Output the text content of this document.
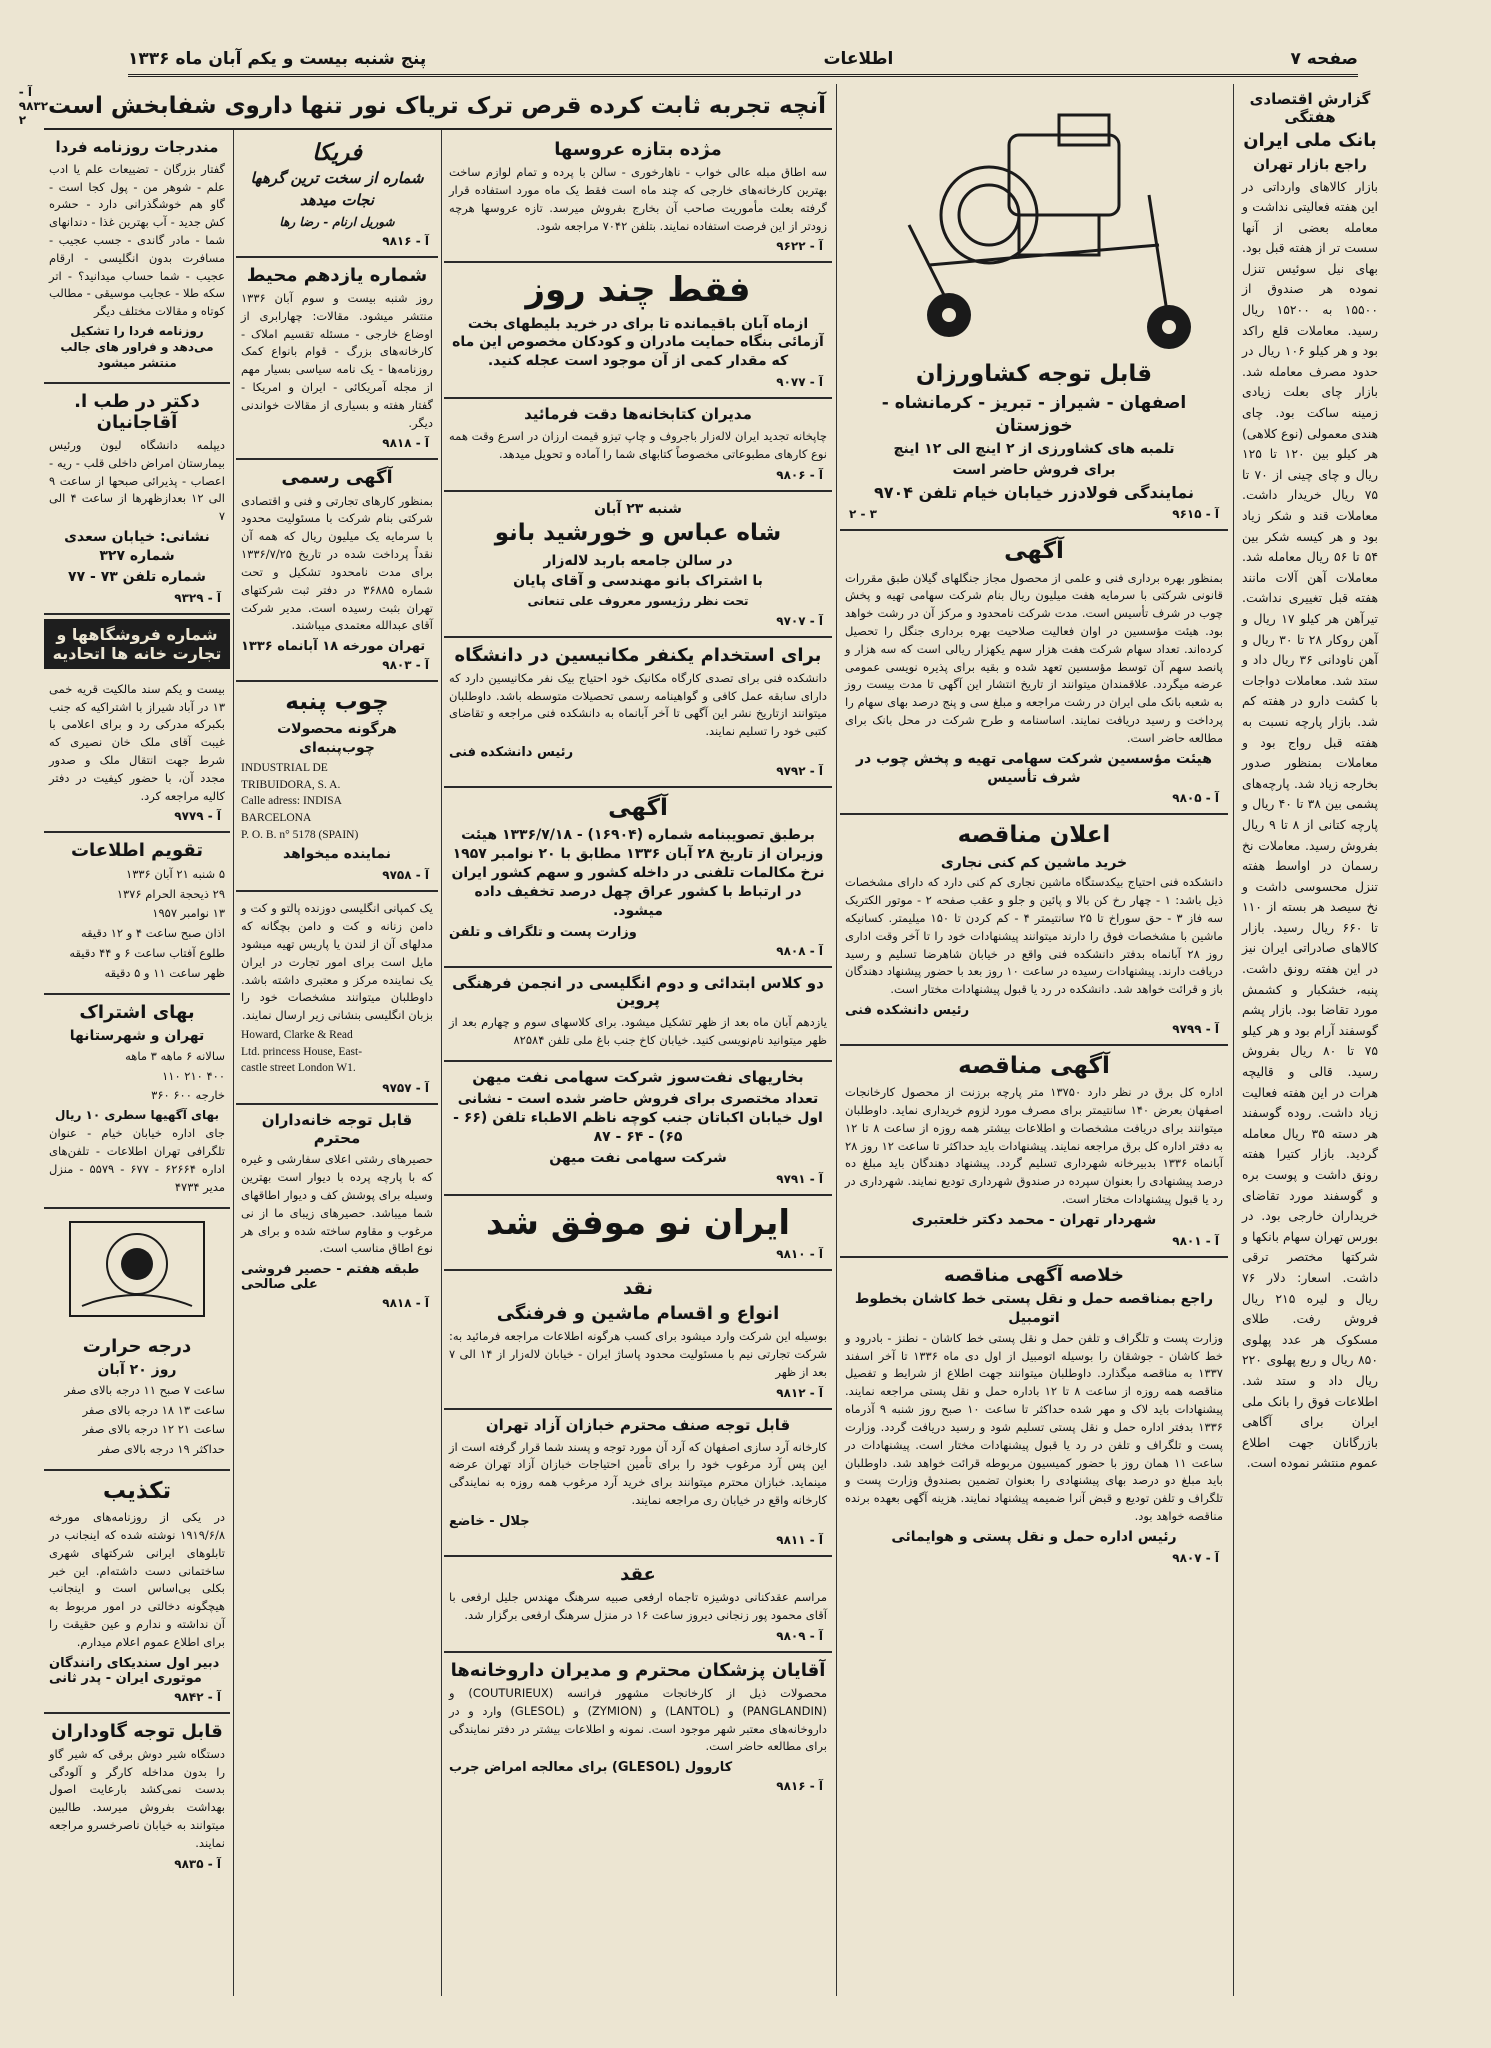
صفحه ۷
اطلاعات
پنج شنبه بیست و یکم آبان ماه ۱۳۳۶
گزارش اقتصادی هفتگی
بانک ملی ایران
راجع بازار تهران
بازار کالاهای وارداتی در این هفته فعالیتی نداشت و معامله بعضی از آنها سست تر از هفته قبل بود. بهای نیل سوئیس تنزل نموده هر صندوق از ۱۵۵۰۰ به ۱۵۲۰۰ ریال رسید. معاملات قلع راکد بود و هر کیلو ۱۰۶ ریال در حدود مصرف معامله شد. بازار چای بعلت زیادی زمینه ساکت بود. چای هندی معمولی (نوع کلاهی) هر کیلو بین ۱۲۰ تا ۱۲۵ ریال و چای چینی از ۷۰ تا ۷۵ ریال خریدار داشت. معاملات قند و شکر زیاد بود و هر کیسه شکر بین ۵۴ تا ۵۶ ریال معامله شد. معاملات آهن آلات مانند هفته قبل تغییری نداشت. تیرآهن هر کیلو ۱۷ ریال و آهن روکار ۲۸ تا ۳۰ ریال و آهن ناودانی ۳۶ ریال داد و ستد شد. معاملات دواجات با کشت دارو در هفته کم شد. بازار پارچه نسبت به هفته قبل رواج بود و معاملات بمنظور صدور بخارجه زیاد شد. پارچه‌های پشمی بین ۳۸ تا ۴۰ ریال و پارچه کتانی از ۸ تا ۹ ریال بفروش رسید. معاملات نخ رسمان در اواسط هفته تنزل محسوسی داشت و نخ سیصد هر بسته از ۱۱۰ تا ۶۶۰ ریال رسید. بازار کالاهای صادراتی ایران نیز در این هفته رونق داشت. پنبه، خشکبار و کشمش مورد تقاضا بود. بازار پشم گوسفند آرام بود و هر کیلو ۷۵ تا ۸۰ ریال بفروش رسید. قالی و قالیچه هرات در این هفته فعالیت زیاد داشت. روده گوسفند هر دسته ۳۵ ریال معامله گردید. بازار کتیرا هفته رونق داشت و پوست بره و گوسفند مورد تقاضای خریداران خارجی بود. در بورس تهران سهام بانکها و شرکتها مختصر ترقی داشت. اسعار: دلار ۷۶ ریال و لیره ۲۱۵ ریال فروش رفت. طلای مسکوک هر عدد پهلوی ۸۵۰ ریال و ربع پهلوی ۲۲۰ ریال داد و ستد شد. اطلاعات فوق را بانک ملی ایران برای آگاهی بازرگانان جهت اطلاع عموم منتشر نموده است.
قابل توجه کشاورزان
اصفهان - شیراز - تبریز - کرمانشاه - خوزستان
تلمبه های کشاورزی از ۲ اینچ الی ۱۲ اینچ
برای فروش حاضر است
نمایندگی فولادزر خیابان خیام تلفن ۹۷۰۴
۲ - ۳	آ - ۹۶۱۵
آگهی
بمنظور بهره برداری فنی و علمی از محصول مجاز جنگلهای گیلان طبق مقررات قانونی شرکتی با سرمایه هفت میلیون ریال بنام شرکت سهامی تهیه و پخش چوب در شرف تأسیس است. مدت شرکت نامحدود و مرکز آن در رشت خواهد بود. هیئت مؤسسین در اوان فعالیت صلاحیت بهره برداری جنگل را تحصیل کرده‌اند. تعداد سهام شرکت هفت هزار سهم یکهزار ریالی است که سه هزار و پانصد سهم آن توسط مؤسسین تعهد شده و بقیه برای پذیره نویسی عمومی عرضه میگردد. علاقمندان میتوانند از تاریخ انتشار این آگهی تا مدت بیست روز به شعبه بانک ملی ایران در رشت مراجعه و مبلغ سی و پنج درصد بهای سهام را پرداخت و رسید دریافت نمایند. اساسنامه و طرح شرکت در محل بانک برای مطالعه حاضر است.
هیئت مؤسسین شرکت سهامی تهیه و پخش چوب در شرف تأسیس
آ - ۹۸۰۵
اعلان مناقصه
خرید ماشین کم کنی نجاری
دانشکده فنی احتیاج بیکدستگاه ماشین نجاری کم کنی دارد که دارای مشخصات ذیل باشد: ۱ - چهار رخ کن بالا و پائین و جلو و عقب صفحه ۲ - موتور الکتریک سه فاز ۳ - حق سوراخ تا ۲۵ سانتیمتر ۴ - کم کردن تا ۱۵۰ میلیمتر. کسانیکه ماشین با مشخصات فوق را دارند میتوانند پیشنهادات خود را تا آخر وقت اداری روز ۲۸ آبانماه بدفتر دانشکده فنی واقع در خیابان شاهرضا تسلیم و رسید دریافت دارند. پیشنهادات رسیده در ساعت ۱۰ روز بعد با حضور پیشنهاد دهندگان باز و قرائت خواهد شد. دانشکده در رد یا قبول پیشنهادات مختار است.
رئیس دانشکده فنی
آ - ۹۷۹۹
آگهی مناقصه
اداره کل برق در نظر دارد ۱۳۷۵۰ متر پارچه برزنت از محصول کارخانجات اصفهان بعرض ۱۴۰ سانتیمتر برای مصرف مورد لزوم خریداری نماید. داوطلبان میتوانند برای دریافت مشخصات و اطلاعات بیشتر همه روزه از ساعت ۸ تا ۱۲ به دفتر اداره کل برق مراجعه نمایند. پیشنهادات باید حداکثر تا ساعت ۱۲ روز ۲۸ آبانماه ۱۳۳۶ بدبیرخانه شهرداری تسلیم گردد. پیشنهاد دهندگان باید مبلغ ده درصد پیشنهادی را بعنوان سپرده در صندوق شهرداری تودیع نمایند. شهرداری در رد یا قبول پیشنهادات مختار است.
شهردار تهران - محمد دکتر خلعتبری
آ - ۹۸۰۱
خلاصه آگهی مناقصه
راجع بمناقصه حمل و نقل پستی خط کاشان بخطوط اتومبیل
وزارت پست و تلگراف و تلفن حمل و نقل پستی خط کاشان - نطنز - بادرود و خط کاشان - جوشقان را بوسیله اتومبیل از اول دی ماه ۱۳۳۶ تا آخر اسفند ۱۳۳۷ به مناقصه میگذارد. داوطلبان میتوانند جهت اطلاع از شرایط و تفصیل مناقصه همه روزه از ساعت ۸ تا ۱۲ باداره حمل و نقل پستی مراجعه نمایند. پیشنهادات باید لاک و مهر شده حداکثر تا ساعت ۱۰ صبح روز شنبه ۹ آذرماه ۱۳۳۶ بدفتر اداره حمل و نقل پستی تسلیم شود و رسید دریافت گردد. وزارت پست و تلگراف و تلفن در رد یا قبول پیشنهادات مختار است. پیشنهادات در ساعت ۱۱ همان روز با حضور کمیسیون مربوطه قرائت خواهد شد. داوطلبان باید مبلغ دو درصد بهای پیشنهادی را بعنوان تضمین بصندوق وزارت پست و تلگراف و تلفن تودیع و قبض آنرا ضمیمه پیشنهاد نمایند. هزینه آگهی بعهده برنده مناقصه خواهد بود.
رئیس اداره حمل و نقل پستی و هوایمائی
آ - ۹۸۰۷
آنچه تجربه ثابت کرده قرص ترک تریاک نور تنها داروی شفابخش است
آ - ۹۸۳۲ ۲
مژده بتازه عروسها
سه اطاق مبله عالی خواب - ناهارخوری - سالن با پرده و تمام لوازم ساخت بهترین کارخانه‌های خارجی که چند ماه است فقط یک ماه مورد استفاده قرار گرفته بعلت مأموریت صاحب آن بخارج بفروش میرسد. تازه عروسها هرچه زودتر از این فرصت استفاده نمایند. بتلفن ۷۰۴۲ مراجعه شود.
آ - ۹۶۲۲
فقط چند روز
ازماه آبان باقیمانده تا برای در خرید بلیطهای بخت آزمائی بنگاه حمایت مادران و کودکان مخصوص این ماه که مقدار کمی از آن موجود است عجله کنید.
آ - ۹۰۷۷
مدیران کتابخانه‌ها دقت فرمائید
چاپخانه تجدید ایران لاله‌زار باجروف و چاپ تیزو قیمت ارزان در اسرع وقت همه نوع کارهای مطبوعاتی مخصوصاً کتابهای شما را آماده و تحویل میدهد.
آ - ۹۸۰۶
شنبه ۲۳ آبان
شاه عباس و خورشید بانو
در سالن جامعه باربد لاله‌زار
با اشتراک بانو مهندسی و آقای پایان
تحت نظر رژیسور معروف علی تنعانی
آ - ۹۷۰۷
برای استخدام یکنفر مکانیسین در دانشگاه
دانشکده فنی برای تصدی کارگاه مکانیک خود احتیاج بیک نفر مکانیسین دارد که دارای سابقه عمل کافی و گواهینامه رسمی تحصیلات متوسطه باشد. داوطلبان میتوانند ازتاریخ نشر این آگهی تا آخر آبانماه به دانشکده فنی مراجعه و تقاضای کتبی خود را تسلیم نمایند.
رئیس دانشکده فنی
آ - ۹۷۹۲
آگهی
برطبق تصویبنامه شماره (۱۶۹۰۴) - ۱۳۳۶/۷/۱۸ هیئت وزیران از تاریخ ۲۸ آبان ۱۳۳۶ مطابق با ۲۰ نوامبر ۱۹۵۷ نرخ مکالمات تلفنی در داخله کشور و سهم کشور ایران در ارتباط با کشور عراق چهل درصد تخفیف داده میشود.
وزارت پست و تلگراف و تلفن
آ - ۹۸۰۸
دو کلاس ابتدائی و دوم انگلیسی در انجمن فرهنگی پروین
یازدهم آبان ماه بعد از ظهر تشکیل میشود. برای کلاسهای سوم و چهارم بعد از ظهر میتوانید نام‌نویسی کنید. خیابان کاخ جنب باغ ملی تلفن ۸۲۵۸۴
بخاریهای نفت‌سوز شرکت سهامی نفت میهن
تعداد مختصری برای فروش حاضر شده است - نشانی اول خیابان اکباتان جنب کوچه ناظم الاطباء تلفن (۶۶ - ۶۵) - ۶۴ - ۸۷
شرکت سهامی نفت میهن
آ - ۹۷۹۱
ایران نو موفق شد
آ - ۹۸۱۰
نقد
انواع و اقسام ماشین و فرفنگی
بوسیله این شرکت وارد میشود برای کسب هرگونه اطلاعات مراجعه فرمائید به: شرکت تجارتی نیم با مسئولیت محدود پاساژ ایران - خیابان لاله‌زار از ۱۴ الی ۷ بعد از ظهر
آ - ۹۸۱۲
قابل توجه صنف محترم خبازان آزاد تهران
کارخانه آرد سازی اصفهان که آرد آن مورد توجه و پسند شما قرار گرفته است از این پس آرد مرغوب خود را برای تأمین احتیاجات خبازان آزاد تهران عرضه مینماید. خبازان محترم میتوانند برای خرید آرد مرغوب همه روزه به نمایندگی کارخانه واقع در خیابان ری مراجعه نمایند.
جلال - خاضع
آ - ۹۸۱۱
عقد
مراسم عقدکنانی دوشیزه تاجماه ارفعی صبیه سرهنگ مهندس جلیل ارفعی با آقای محمود پور زنجانی دیروز ساعت ۱۶ در منزل سرهنگ ارفعی برگزار شد.
آ - ۹۸۰۹
آقایان پزشکان محترم و مدیران داروخانه‌ها
محصولات ذیل از کارخانجات مشهور فرانسه (COUTURIEUX) و (PANGLANDIN) و (LANTOL) و (ZYMION) و (GLESOL) وارد و در داروخانه‌های معتبر شهر موجود است. نمونه و اطلاعات بیشتر در دفتر نمایندگی برای مطالعه حاضر است.
کاروول (GLESOL) برای معالجه امراض جرب
آ - ۹۸۱۶
فریکا
شماره از سخت ترین گرهها
نجات میدهد
شوریل ارنام - رضا رها
آ - ۹۸۱۶
شماره یازدهم محیط
روز شنبه بیست و سوم آبان ۱۳۳۶ منتشر میشود. مقالات: چهارابری از اوضاع خارجی - مسئله تقسیم املاک - کارخانه‌های بزرگ - قوام بانواع کمک روزنامه‌ها - یک نامه سیاسی بسیار مهم از مجله آمریکائی - ایران و امریکا - گفتار هفته و بسیاری از مقالات خواندنی دیگر.
آ - ۹۸۱۸
آگهی رسمی
بمنظور کارهای تجارتی و فنی و اقتصادی شرکتی بنام شرکت با مسئولیت محدود با سرمایه یک میلیون ریال که همه آن نقداً پرداخت شده در تاریخ ۱۳۳۶/۷/۲۵ برای مدت نامحدود تشکیل و تحت شماره ۳۶۸۸۵ در دفتر ثبت شرکتهای تهران بثبت رسیده است. مدیر شرکت آقای عبدالله معتمدی میباشند.
تهران مورخه ۱۸ آبانماه ۱۳۳۶
آ - ۹۸۰۳
چوب پنبه
هرگونه محصولات چوب‌پنبه‌ای
INDUSTRIAL DE
TRIBUIDORA, S. A.
Calle adress: INDISA
BARCELONA
P. O. B. n° 5178 (SPAIN)
نماینده میخواهد
آ - ۹۷۵۸
یک کمپانی انگلیسی دوزنده پالتو و کت و دامن زنانه و کت و دامن بچگانه که مدلهای آن از لندن یا پاریس تهیه میشود مایل است برای امور تجارت در ایران یک نماینده مرکز و معتبری داشته باشد. داوطلبان میتوانند مشخصات خود را بزبان انگلیسی بنشانی زیر ارسال نمایند.
Howard, Clarke & Read
Ltd. princess House, East-
castle street London W1.
آ - ۹۷۵۷
قابل توجه خانه‌داران محترم
حصیرهای رشتی اعلای سفارشی و غیره که با پارچه پرده با دیوار است بهترین وسیله برای پوشش کف و دیوار اطاقهای شما میباشد. حصیرهای زیبای ما از نی مرغوب و مقاوم ساخته شده و برای هر نوع اطاق مناسب است.
طبقه هفتم - حصیر فروشی علی صالحی
آ - ۹۸۱۸
مندرجات روزنامه فردا
گفتار بزرگان - تضییعات علم یا ادب علم - شوهر من - پول کجا است - گاو هم خوشگذرانی دارد - حشره کش جدید - آب بهترین غذا - دندانهای شما - مادر گاندی - جسب عجیب - مسافرت بدون انگلیسی - ارقام عجیب - شما حساب میدانید؟ - اتر سکه طلا - عجایب موسیقی - مطالب کوتاه و مقالات مختلف دیگر
روزنامه فردا را تشکیل می‌دهد و فراور های جالب منتشر میشود
دکتر در طب ا. آقاجانیان
دیپلمه دانشگاه لیون ورئیس بیمارستان امراض داخلی قلب - ریه - اعصاب - پذیرائی صبحها از ساعت ۹ الی ۱۲ بعدازظهرها از ساعت ۴ الی ۷
نشانی: خیابان سعدی شماره ۳۲۷
شماره تلفن ۷۳ - ۷۷
آ - ۹۳۲۹
شماره فروشگاهها و تجارت خانه ها اتحادیه
بیست و یکم سند مالکیت قریه خمی ۱۳ در آباد شیراز با اشتراکیه که جنب بکبرکه مدرکی رد و برای اعلامی با غیبت آقای ملک خان نصیری که شرط جهت انتقال ملک و صدور مجدد آن، با حضور کیفیت در دفتر کالیه مراجعه کرد.
آ - ۹۷۷۹
تقویم اطلاعات
۵ شنبه ۲۱ آبان ۱۳۳۶
۲۹ ذیحجة الحرام ۱۳۷۶
۱۳ نوامبر ۱۹۵۷
اذان صبح ساعت ۴ و ۱۲ دقیقه
طلوع آفتاب ساعت ۶ و ۴۴ دقیقه
ظهر ساعت ۱۱ و ۵ دقیقه
بهای اشتراک
تهران و شهرستانها
سالانه ۶ ماهه ۳ ماهه
۴۰۰ ۲۱۰ ۱۱۰
خارجه ۶۰۰ ۳۶۰
بهای آگهیها سطری ۱۰ ریال
جای اداره خیابان خیام - عنوان تلگرافی تهران اطلاعات - تلفن‌های اداره ۶۲۶۶۴ - ۶۷۷ - ۵۵۷۹ - منزل مدیر ۴۷۳۴
درجه حرارت
روز ۲۰ آبان
ساعت ۷ صبح ۱۱ درجه بالای صفر
ساعت ۱۳ ۱۸ درجه بالای صفر
ساعت ۲۱ ۱۲ درجه بالای صفر
حداکثر ۱۹ درجه بالای صفر
تکذیب
در یکی از روزنامه‌های مورخه ۱۹۱۹/۶/۸ نوشته شده که اینجانب در تابلوهای ایرانی شرکتهای شهری ساختمانی دست داشته‌ام. این خبر بکلی بی‌اساس است و اینجانب هیچگونه دخالتی در امور مربوط به آن نداشته و ندارم و عین حقیقت را برای اطلاع عموم اعلام میدارم.
دبیر اول سندیکای رانندگان موتوری ایران - پدر ثانی
آ - ۹۸۴۲
قابل توجه گاوداران
دستگاه شیر دوش برقی که شیر گاو را بدون مداخله کارگر و آلودگی بدست نمی‌کشد بارعایت اصول بهداشت بفروش میرسد. طالبین میتوانند به خیابان ناصرخسرو مراجعه نمایند.
آ - ۹۸۳۵
